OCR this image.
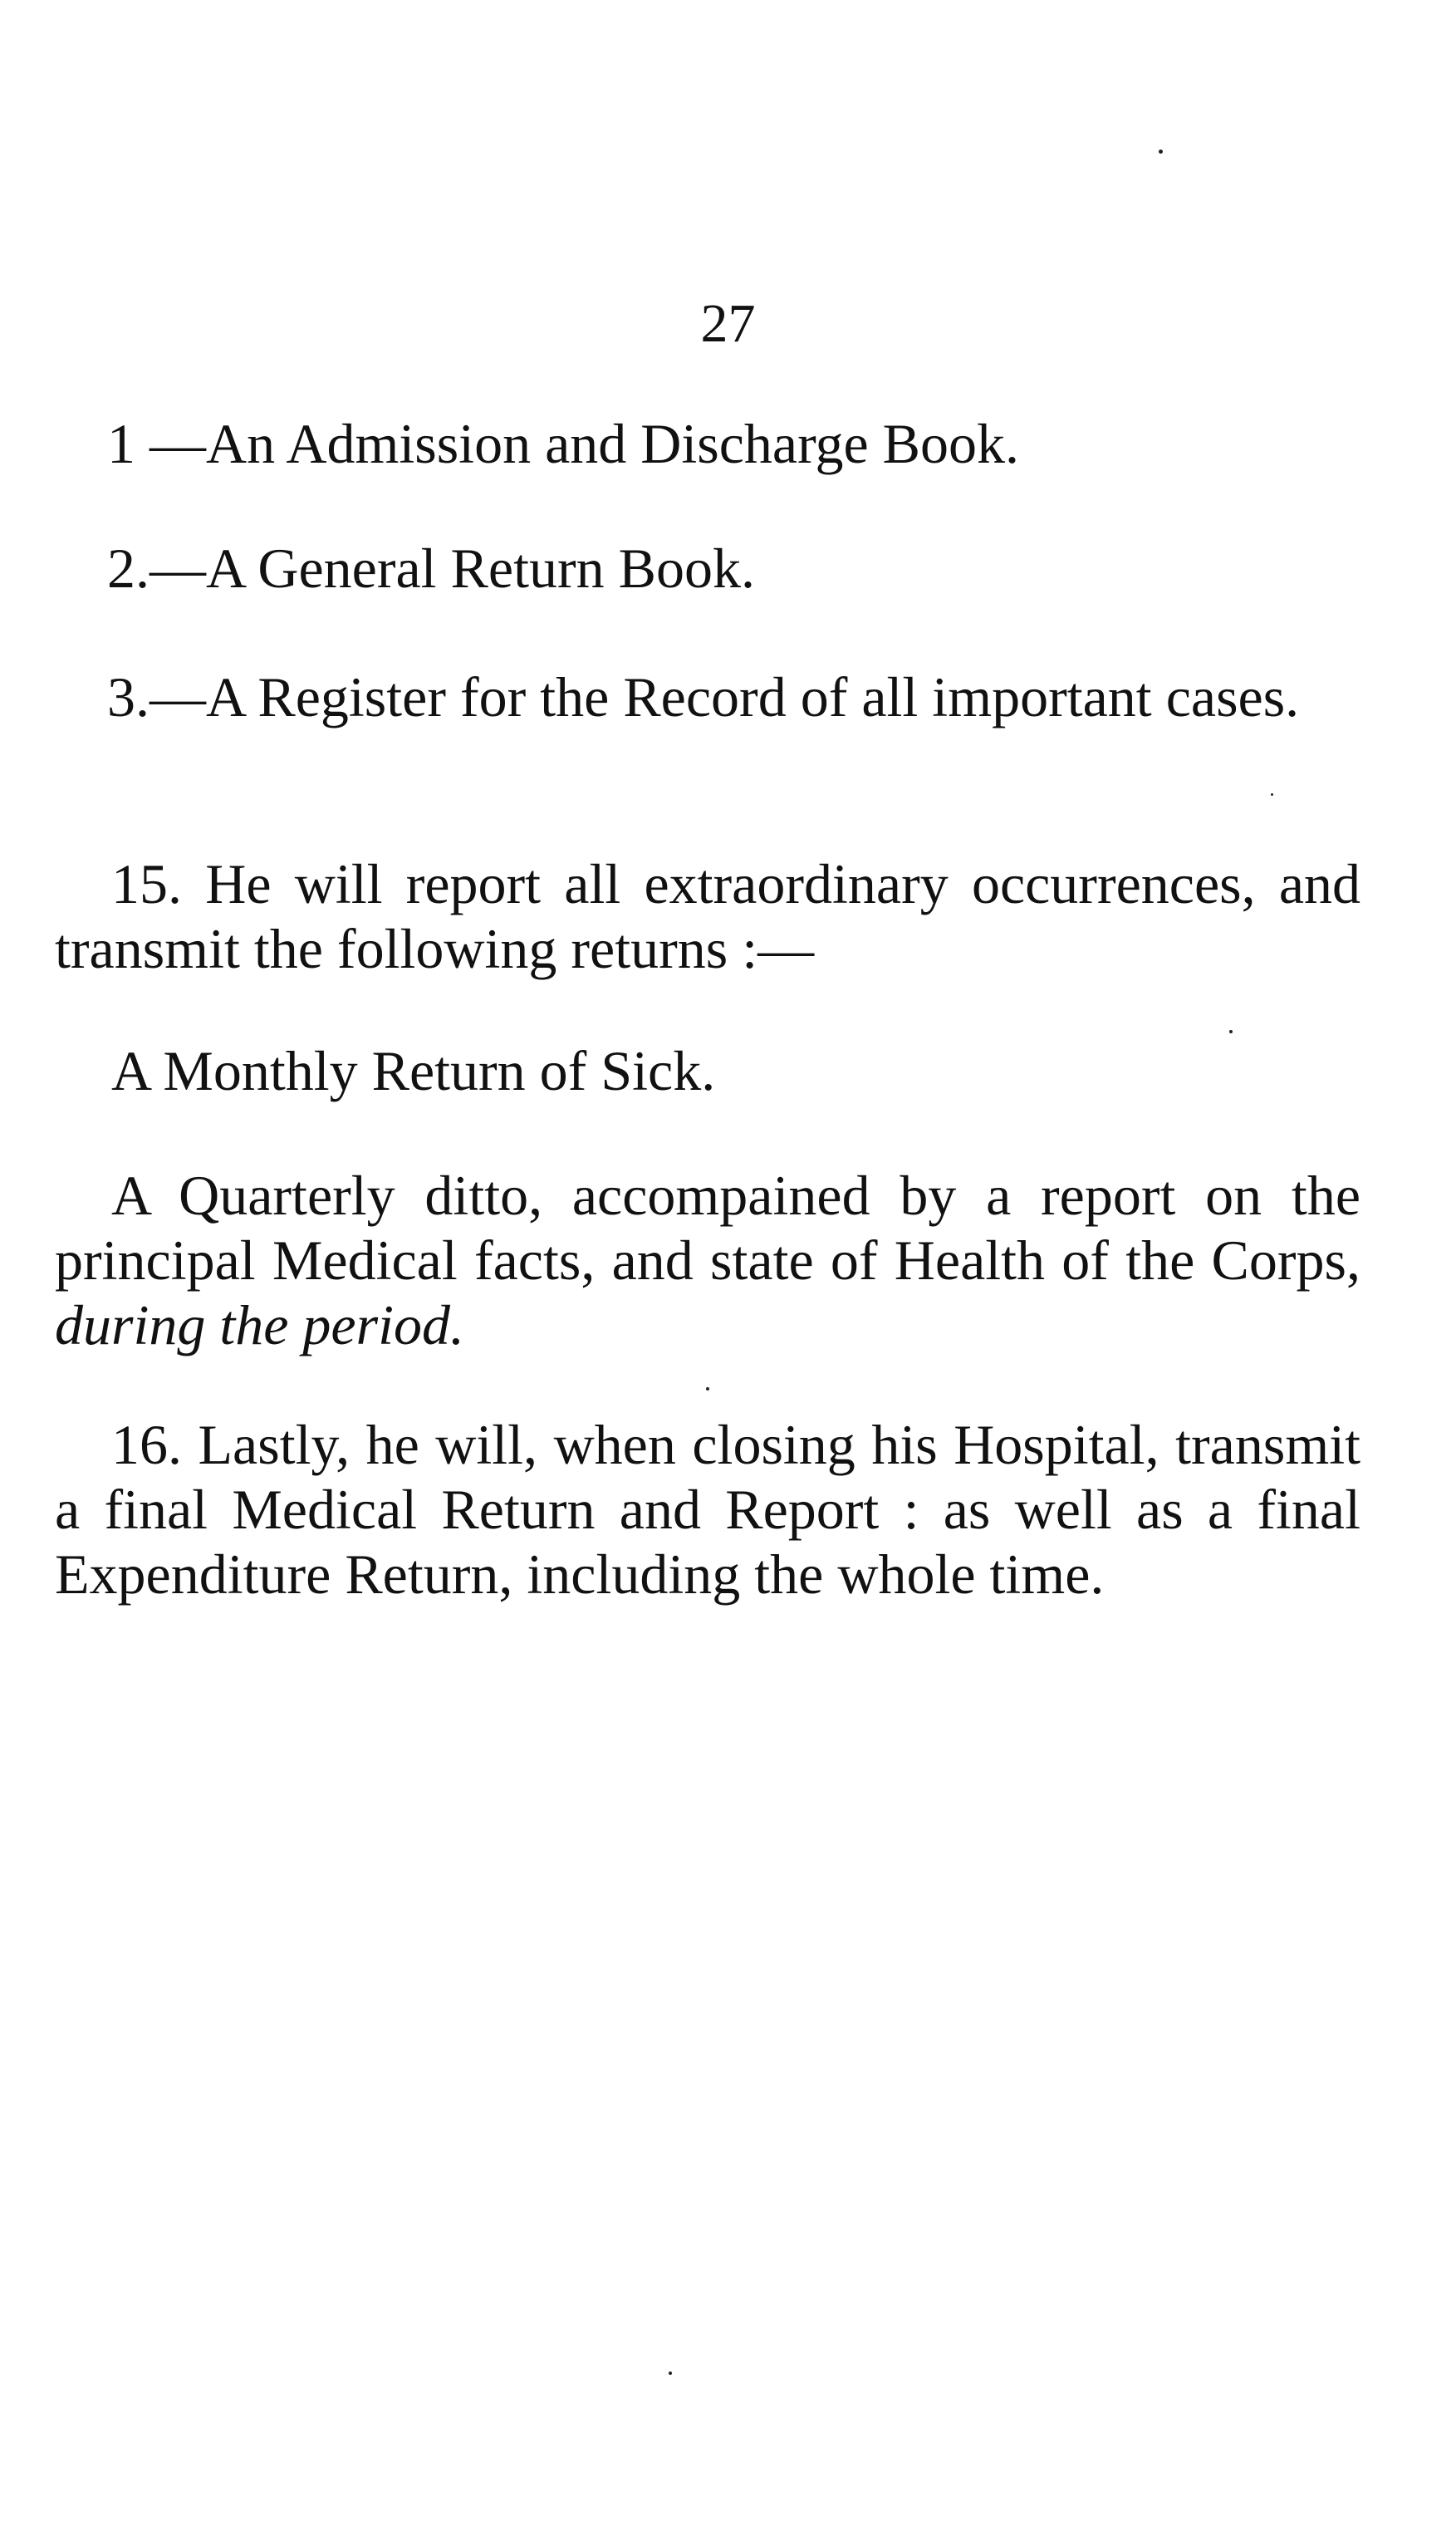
27
1 —An Admission and Discharge Book.
2.—A General Return Book.
3.—A Register for the Record of all important cases.
15. He will report all extraordinary occurrences, and transmit the following returns :—
A Monthly Return of Sick.
A Quarterly ditto, accompained by a report on the principal Medical facts, and state of Health of the Corps, during the period.
16. Lastly, he will, when closing his Hospital, transmit a final Medical Return and Report : as well as a final Expenditure Return, including the whole time.
